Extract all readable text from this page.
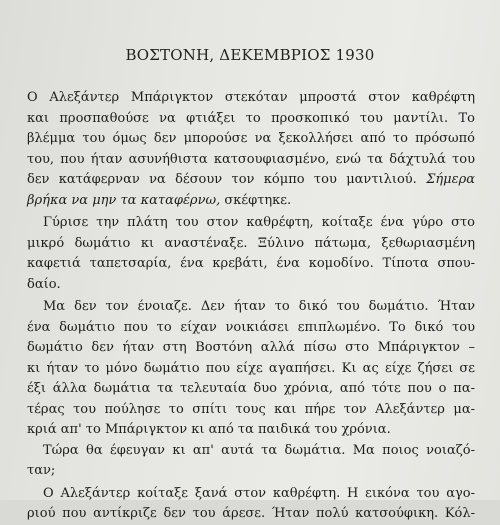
ΒΟΣΤΟΝΗ, ΔΕΚΕΜΒΡΙΟΣ 1930
Ο Αλεξάντερ Μπάριγκτον στεκόταν μπροστά στον καθρέφτη
και προσπαθούσε να φτιάξει το προσκοπικό του μαντίλι. Το
βλέμμα του όμως δεν μπορούσε να ξεκολλήσει από το πρόσωπό
του, που ήταν ασυνήθιστα κατσουφιασμένο, ενώ τα δάχτυλά του
δεν κατάφερναν να δέσουν τον κόμπο του μαντιλιού. Σήμερα
βρήκα να μην τα καταφέρνω, σκέφτηκε.
Γύρισε την πλάτη του στον καθρέφτη, κοίταξε ένα γύρο στο
μικρό δωμάτιο κι αναστέναξε. Ξύλινο πάτωμα, ξεθωριασμένη
καφετιά ταπετσαρία, ένα κρεβάτι, ένα κομοδίνο. Τίποτα σπου-
δαίο.
Μα δεν τον ένοιαζε. Δεν ήταν το δικό του δωμάτιο. Ήταν
ένα δωμάτιο που το είχαν νοικιάσει επιπλωμένο. Το δικό του
δωμάτιο δεν ήταν στη Βοστόνη αλλά πίσω στο Μπάριγκτον –
κι ήταν το μόνο δωμάτιο που είχε αγαπήσει. Κι ας είχε ζήσει σε
έξι άλλα δωμάτια τα τελευταία δυο χρόνια, από τότε που ο πα-
τέρας του πούλησε το σπίτι τους και πήρε τον Αλεξάντερ μα-
κριά απ' το Μπάριγκτον κι από τα παιδικά του χρόνια.
Τώρα θα έφευγαν κι απ' αυτά τα δωμάτια. Μα ποιος νοιαζό-
ταν;
Ο Αλεξάντερ κοίταξε ξανά στον καθρέφτη. Η εικόνα του αγο-
ριού που αντίκριζε δεν του άρεσε. Ήταν πολύ κατσούφικη. Κόλ-
